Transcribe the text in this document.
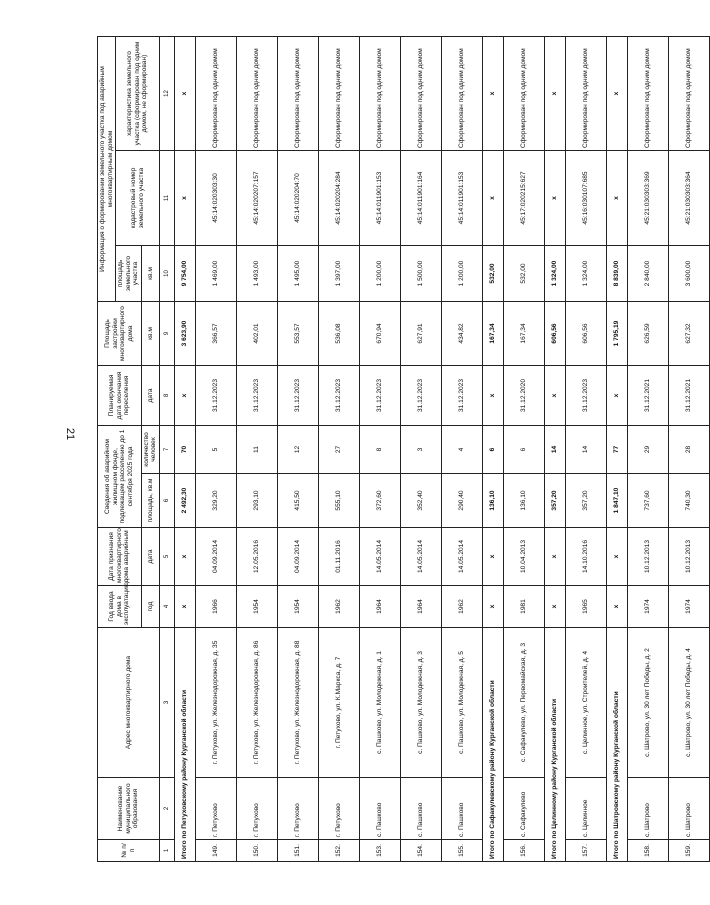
21
№ п/п	Наименование муниципального образования	Адрес многоквартирного дома	Год ввода дома в эксплуатацию	Дата признания многоквартирного дома аварийным	Сведения об аварийном жилищном фонде, подлежащем расселению до 1 сентября 2025 года		Планируемая дата окончания переселения	Площадь застройки многоквартирного дома	Информация о формировании земельного участка под аварийным многоквартирным домом		
									площадь земельного участка	кадастровый номер земельного участка	характеристика земельного участка (сформирован под одним домом, не сформирован)
			год	дата	площадь, кв.м	количество человек	дата	кв.м	кв.м		
1	2	3	4	5	6	7	8	9	10	11	12
Итого по Петуховскому району Курганской области			x	x	2 492,30	70	x	3 623,90	9 754,00	x	x
149.	г. Петухово	г. Петухово, ул. Железнодорожная, д. 35	1966	04.09.2014	329,20	5	31.12.2023	366,57	1 469,00	45:14:020303:30	Сформирован под одним домом
150.	г. Петухово	г. Петухово, ул. Железнодорожная, д. 86	1954	12.05.2016	293,10	11	31.12.2023	402,01	1 493,00	45:14:020207:157	Сформирован под одним домом
151.	г. Петухово	г. Петухово, ул. Железнодорожная, д. 88	1954	04.09.2014	415,50	12	31.12.2023	553,57	1 495,00	45:14:020204:70	Сформирован под одним домом
152.	г. Петухово	г. Петухово, ул. К.Маркса, д. 7	1962	01.11.2016	555,10	27	31.12.2023	536,08	1 397,00	45:14:020204:284	Сформирован под одним домом
153.	с. Пашково	с. Пашково, ул. Молодежная, д. 1	1964	14.05.2014	372,60	8	31.12.2023	670,94	1 200,00	45:14:011901:153	Сформирован под одним домом
154.	с. Пашково	с. Пашково, ул. Молодежная, д. 3	1964	14.05.2014	352,40	3	31.12.2023	627,91	1 500,00	45:14:011901:164	Сформирован под одним домом
155.	с. Пашково	с. Пашково, ул. Молодежная, д. 5	1962	14.05.2014	290,40	4	31.12.2023	434,82	1 200,00	45:14:011901:153	Сформирован под одним домом
Итого по Сафакулевскому району Курганской области			x	x	136,10	6	x	167,34	532,00	x	x
156.	с. Сафакулево	с. Сафакулево, ул. Первомайская, д. 3	1981	10.04.2013	136,10	6	31.12.2020	167,34	532,00	45:17:020215:627	Сформирован под одним домом
Итого по Целинному району Курганской области			x	x	357,20	14	x	606,56	1 324,00	x	x
157.	с. Целинное	с. Целинное, ул. Строителей, д. 4	1965	14.10.2016	357,20	14	31.12.2023	606,56	1 324,00	45:16:030107:685	Сформирован под одним домом
Итого по Шатровскому району Курганской области			x	x	1 847,10	77	x	1 795,19	8 839,00	x	x
158.	с. Шатрово	с. Шатрово, ул. 30 лет Победы, д. 2	1974	10.12.2013	737,60	29	31.12.2021	626,59	2 840,00	45:21:030303:369	Сформирован под одним домом
159.	с. Шатрово	с. Шатрово, ул. 30 лет Победы, д. 4	1974	10.12.2013	740,30	28	31.12.2021	627,32	3 600,00	45:21:030303:364	Сформирован под одним домом
